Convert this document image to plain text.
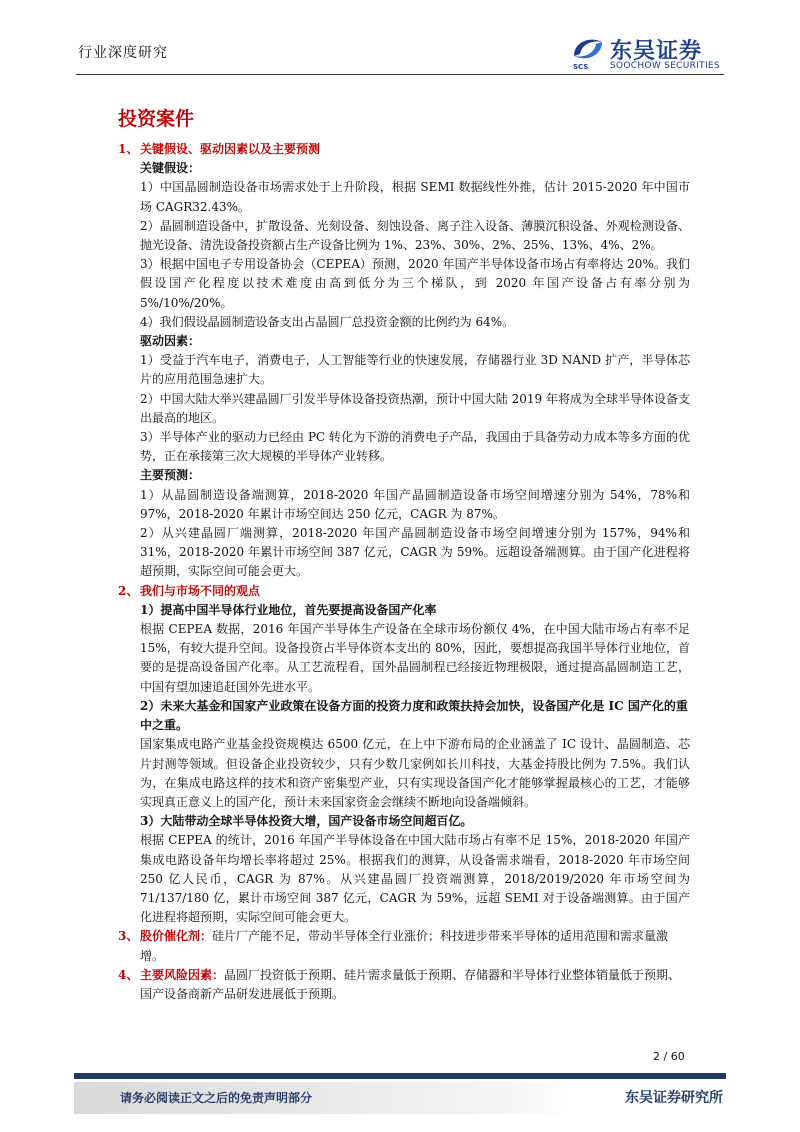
行业深度研究
SCS
东吴证券
SOOCHOW SECURITIES
投资案件

1、 关键假设、驱动因素以及主要预测

关键假设：

1）中国晶圆制造设备市场需求处于上升阶段，根据 SEMI 数据线性外推，估计 2015-2020 年中国市场 CAGR32.43%。

2）晶圆制造设备中，扩散设备、光刻设备、刻蚀设备、离子注入设备、薄膜沉积设备、外观检测设备、抛光设备、清洗设备投资额占生产设备比例为 1%、23%、30%、2%、25%、13%、4%、2%。

3）根据中国电子专用设备协会（CEPEA）预测，2020 年国产半导体设备市场占有率将达 20%。我们假设国产化程度以技术难度由高到低分为三个梯队，到 2020 年国产设备占有率分别为 5%/10%/20%。

4）我们假设晶圆制造设备支出占晶圆厂总投资金额的比例约为 64%。

驱动因素：

1）受益于汽车电子，消费电子，人工智能等行业的快速发展，存储器行业 3D NAND 扩产，半导体芯片的应用范围急速扩大。

2）中国大陆大举兴建晶圆厂引发半导体设备投资热潮，预计中国大陆 2019 年将成为全球半导体设备支出最高的地区。

3）半导体产业的驱动力已经由 PC 转化为下游的消费电子产品，我国由于具备劳动力成本等多方面的优势，正在承接第三次大规模的半导体产业转移。

主要预测：

1）从晶圆制造设备端测算，2018-2020 年国产晶圆制造设备市场空间增速分别为 54%，78%和 97%，2018-2020 年累计市场空间达 250 亿元，CAGR 为 87%。

2）从兴建晶圆厂端测算，2018-2020 年国产晶圆制造设备市场空间增速分别为 157%，94%和 31%，2018-2020 年累计市场空间 387 亿元，CAGR 为 59%。远超设备端测算。由于国产化进程将超预期，实际空间可能会更大。

2、 我们与市场不同的观点

1）提高中国半导体行业地位，首先要提高设备国产化率

根据 CEPEA 数据，2016 年国产半导体生产设备在全球市场份额仅 4%，在中国大陆市场占有率不足 15%，有较大提升空间。设备投资占半导体资本支出的 80%，因此，要想提高我国半导体行业地位，首要的是提高设备国产化率。从工艺流程看，国外晶圆制程已经接近物理极限，通过提高晶圆制造工艺，中国有望加速追赶国外先进水平。

2）未来大基金和国家产业政策在设备方面的投资力度和政策扶持会加快，设备国产化是 IC 国产化的重中之重。

国家集成电路产业基金投资规模达 6500 亿元，在上中下游布局的企业涵盖了 IC 设计、晶圆制造、芯片封测等领域。但设备企业投资较少，只有少数几家例如长川科技，大基金持股比例为 7.5%。我们认为，在集成电路这样的技术和资产密集型产业，只有实现设备国产化才能够掌握最核心的工艺，才能够实现真正意义上的国产化，预计未来国家资金会继续不断地向设备端倾斜。

3）大陆带动全球半导体投资大增，国产设备市场空间超百亿。

根据 CEPEA 的统计，2016 年国产半导体设备在中国大陆市场占有率不足 15%，2018-2020 年国产集成电路设备年均增长率将超过 25%。根据我们的测算，从设备需求端看，2018-2020 年市场空间 250 亿人民币，CAGR 为 87%。从兴建晶圆厂投资端测算，2018/2019/2020 年市场空间为 71/137/180 亿，累计市场空间 387 亿元，CAGR 为 59%，远超 SEMI 对于设备端测算。由于国产化进程将超预期，实际空间可能会更大。

3、 股价催化剂：硅片厂产能不足，带动半导体全行业涨价；科技进步带来半导体的适用范围和需求量激增。

4、 主要风险因素：晶圆厂投资低于预期、硅片需求量低于预期、存储器和半导体行业整体销量低于预期、国产设备商新产品研发进展低于预期。

2 / 60
请务必阅读正文之后的免责声明部分	东吴证券研究所
